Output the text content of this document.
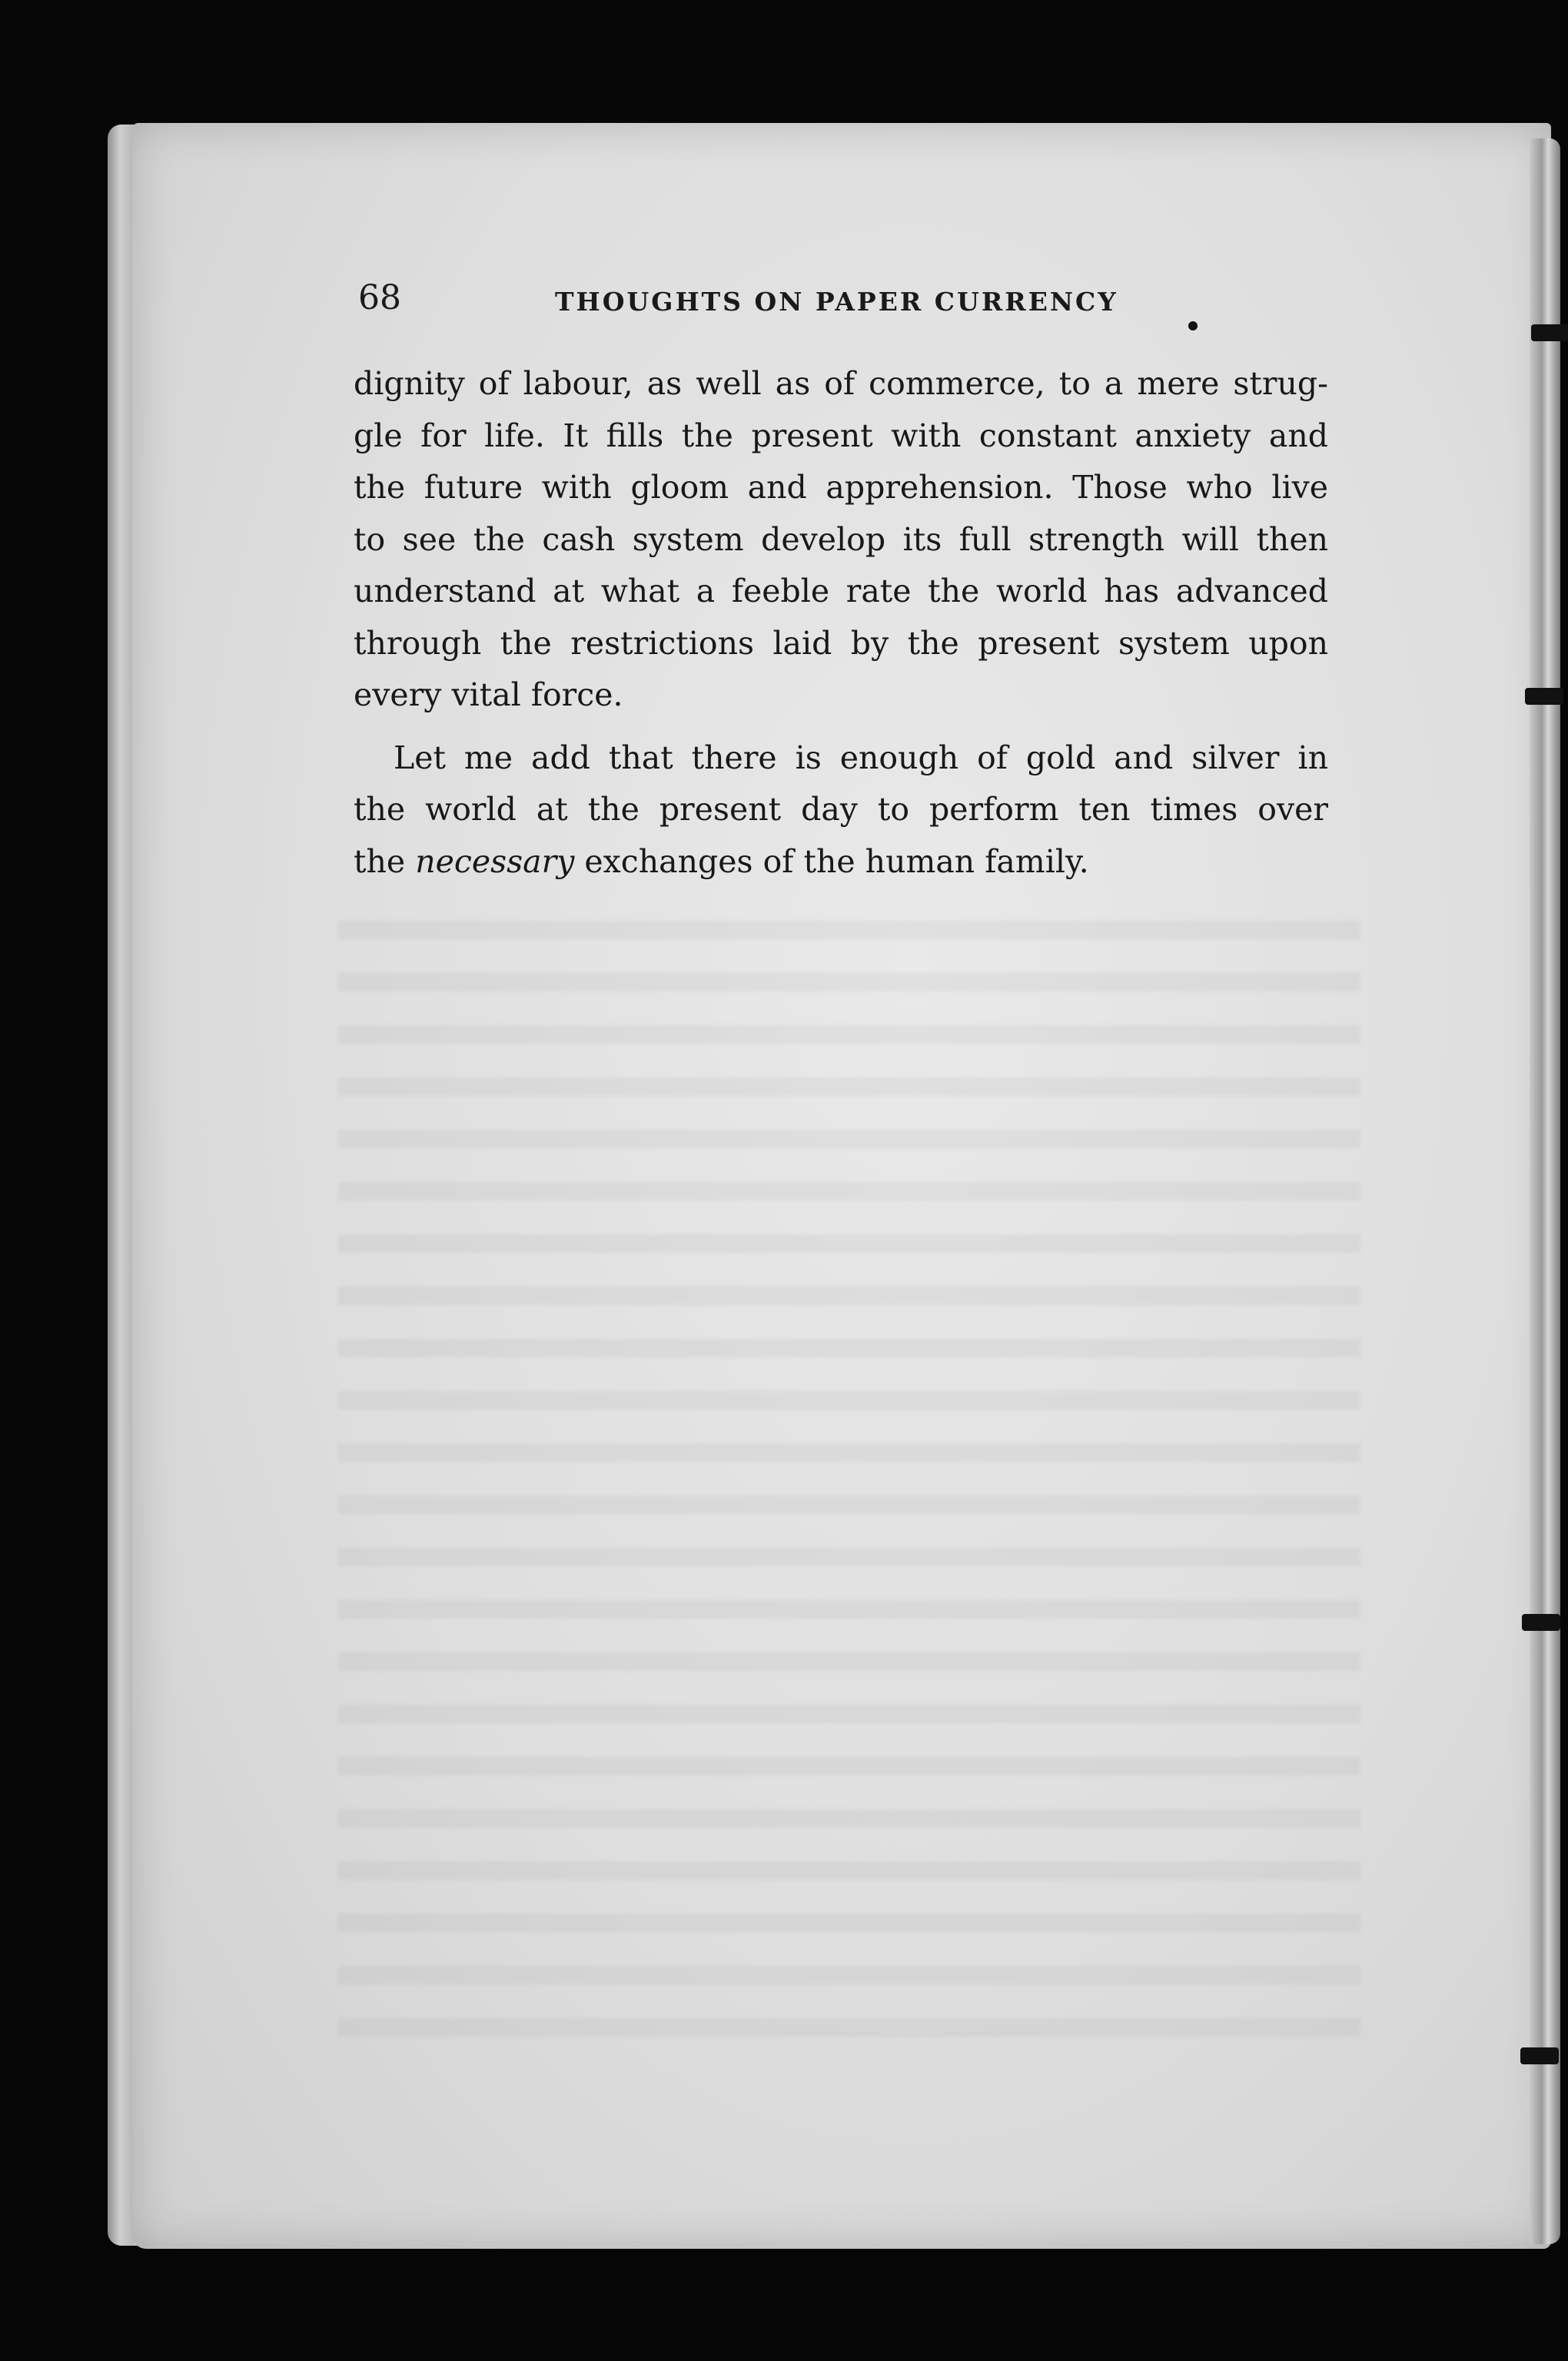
68	THOUGHTS ON PAPER CURRENCY

dignity of labour, as well as of commerce, to a mere strug-
gle for life. It fills the present with constant anxiety and
the future with gloom and apprehension. Those who live
to see the cash system develop its full strength will then
understand at what a feeble rate the world has advanced
through the restrictions laid by the present system upon
every vital force.

Let me add that there is enough of gold and silver in
the world at the present day to perform ten times over
the necessary exchanges of the human family.
